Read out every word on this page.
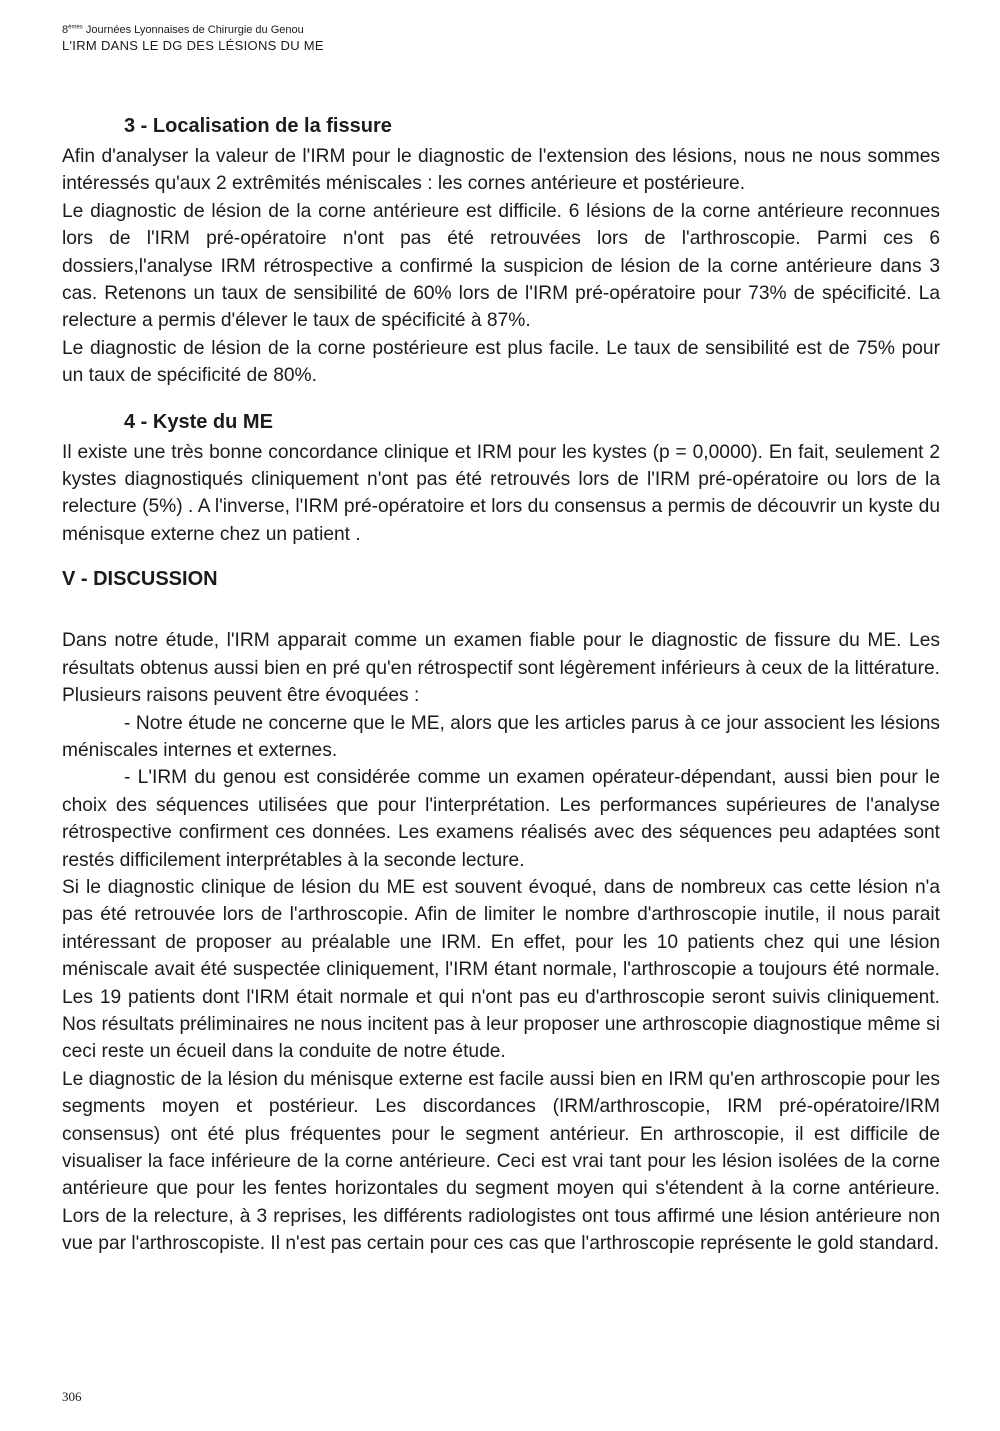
8èmes Journées Lyonnaises de Chirurgie du Genou
L'IRM DANS LE DG DES LÉSIONS DU ME
3 - Localisation de la fissure

Afin d'analyser la valeur de l'IRM pour le diagnostic de l'extension des lésions, nous ne nous sommes intéressés qu'aux 2 extrêmités méniscales : les cornes antérieure et postérieure.

Le diagnostic de lésion de la corne antérieure est difficile. 6 lésions de la corne antérieure reconnues lors de l'IRM pré-opératoire n'ont pas été retrouvées lors de l'arthroscopie. Parmi ces 6 dossiers,l'analyse IRM rétrospective a confirmé la suspicion de lésion de la corne antérieure dans 3 cas. Retenons un taux de sensibilité de 60% lors de l'IRM pré-opératoire pour 73% de spécificité. La relecture a permis d'élever le taux de spécificité à 87%.

Le diagnostic de lésion de la corne postérieure est plus facile. Le taux de sensibilité est de 75% pour un taux de spécificité de 80%.

4 - Kyste du ME

Il existe une très bonne concordance clinique et IRM pour les kystes (p = 0,0000). En fait, seulement 2 kystes diagnostiqués cliniquement n'ont pas été retrouvés lors de l'IRM pré-opératoire ou lors de la relecture (5%) . A l'inverse, l'IRM pré-opératoire et lors du consensus a permis de découvrir un kyste du ménisque externe chez un patient .

V - DISCUSSION

Dans notre étude, l'IRM apparait comme un examen fiable pour le diagnostic de fissure du ME. Les résultats obtenus aussi bien en pré qu'en rétrospectif sont légèrement inférieurs à ceux de la littérature. Plusieurs raisons peuvent être évoquées :

- Notre étude ne concerne que le ME, alors que les articles parus à ce jour associent les lésions méniscales internes et externes.

- L'IRM du genou est considérée comme un examen opérateur-dépendant, aussi bien pour le choix des séquences utilisées que pour l'interprétation. Les performances supérieures de l'analyse rétrospective confirment ces données. Les examens réalisés avec des séquences peu adaptées sont restés difficilement interprétables à la seconde lecture.

Si le diagnostic clinique de lésion du ME est souvent évoqué, dans de nombreux cas cette lésion n'a pas été retrouvée lors de l'arthroscopie. Afin de limiter le nombre d'arthroscopie inutile, il nous parait intéressant de proposer au préalable une IRM. En effet, pour les 10 patients chez qui une lésion méniscale avait été suspectée cliniquement, l'IRM étant normale, l'arthroscopie a toujours été normale. Les 19 patients dont l'IRM était normale et qui n'ont pas eu d'arthroscopie seront suivis cliniquement. Nos résultats préliminaires ne nous incitent pas à leur proposer une arthroscopie diagnostique même si ceci reste un écueil dans la conduite de notre étude.

Le diagnostic de la lésion du ménisque externe est facile aussi bien en IRM qu'en arthroscopie pour les segments moyen et postérieur. Les discordances (IRM/arthroscopie, IRM pré-opératoire/IRM consensus) ont été plus fréquentes pour le segment antérieur. En arthroscopie, il est difficile de visualiser la face inférieure de la corne antérieure. Ceci est vrai tant pour les lésion isolées de la corne antérieure que pour les fentes horizontales du segment moyen qui s'étendent à la corne antérieure. Lors de la relecture, à 3 reprises, les différents radiologistes ont tous affirmé une lésion antérieure non vue par l'arthroscopiste. Il n'est pas certain pour ces cas que l'arthroscopie représente le gold standard.

306
